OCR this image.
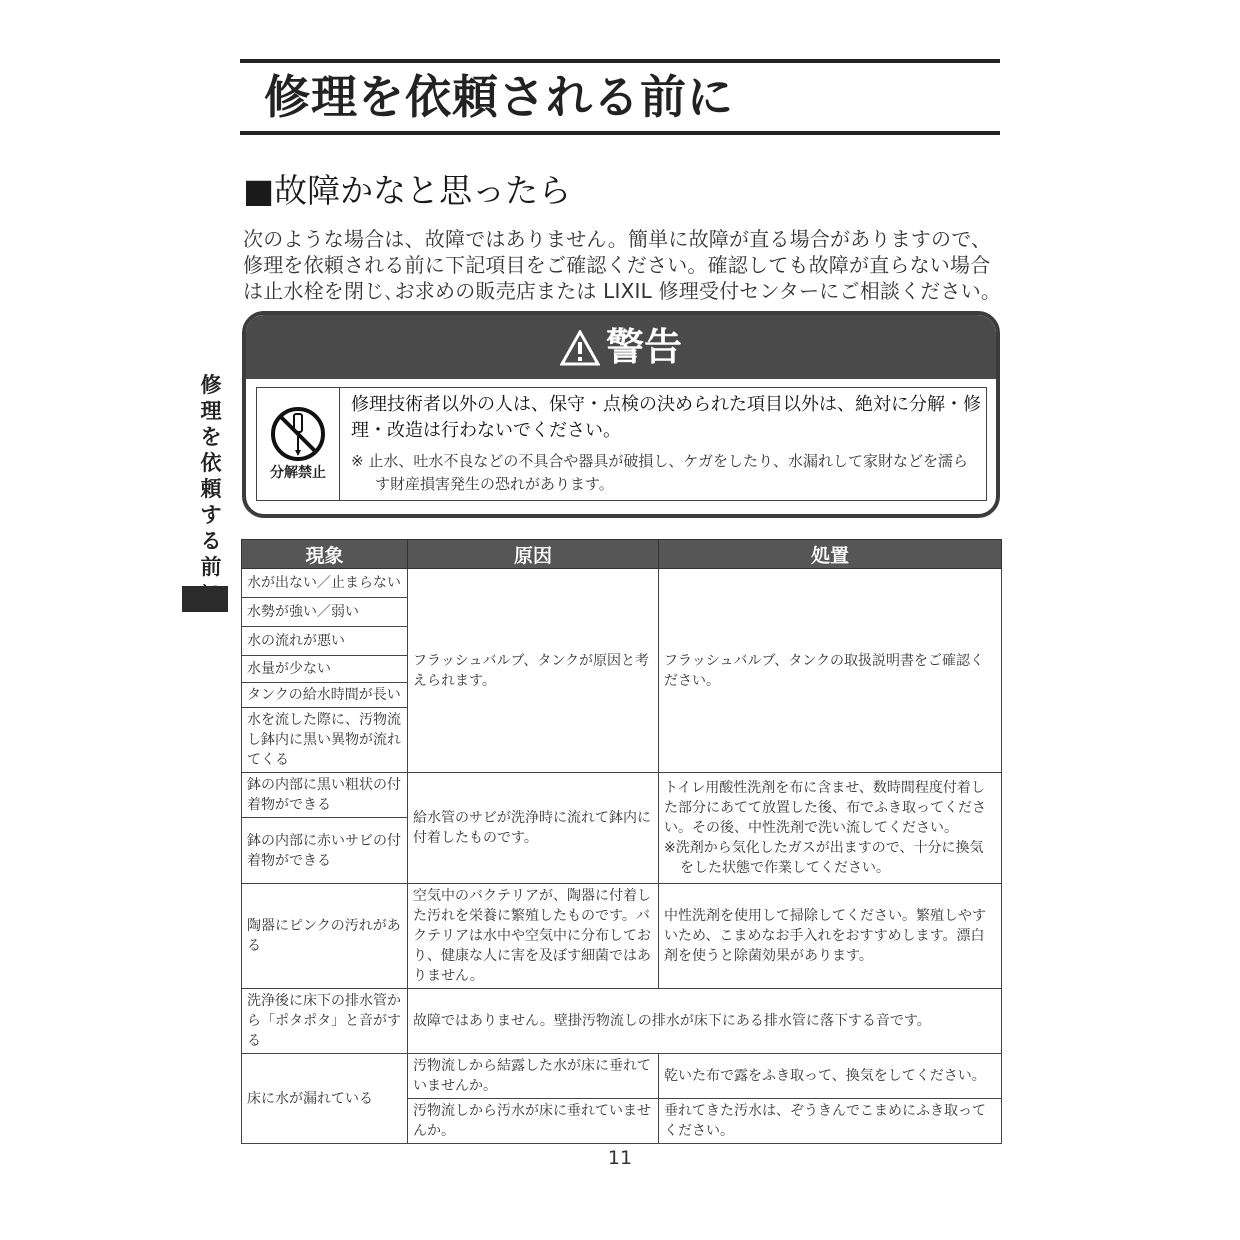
修理を依頼される前に
修理を依頼する前
■故障かなと思ったら
次のような場合は、故障ではありません。簡単に故障が直る場合がありますので、
修理を依頼される前に下記項目をご確認ください。確認しても故障が直らない場合
は止水栓を閉じ､お求めの販売店または LIXIL 修理受付センターにご相談ください。
警告
分解禁止
修理技術者以外の人は、保守・点検の決められた項目以外は、絶対に分解・修理・改造は行わないでください。
※ 止水、吐水不良などの不具合や器具が破損し、ケガをしたり、水漏れして家財などを濡らす財産損害発生の恐れがあります。
現象	原因	処置
水が出ない／止まらない	フラッシュバルブ、タンクが原因と考えられます。	フラッシュバルブ、タンクの取扱説明書をご確認ください。
水勢が強い／弱い		
水の流れが悪い		
水量が少ない		
タンクの給水時間が長い		
水を流した際に、汚物流し鉢内に黒い異物が流れてくる		
鉢の内部に黒い粗状の付着物ができる	給水管のサビが洗浄時に流れて鉢内に付着したものです。	トイレ用酸性洗剤を布に含ませ、数時間程度付着した部分にあてて放置した後、布でふき取ってください。その後、中性洗剤で洗い流してください。
※洗剤から気化したガスが出ますので、十分に換気をした状態で作業してください。

鉢の内部に赤いサビの付着物ができる		
陶器にピンクの汚れがある	空気中のバクテリアが、陶器に付着した汚れを栄養に繁殖したものです。バクテリアは水中や空気中に分布しており、健康な人に害を及ぼす細菌ではありません。	中性洗剤を使用して掃除してください。繁殖しやすいため、こまめなお手入れをおすすめします。漂白剤を使うと除菌効果があります。
洗浄後に床下の排水管から「ポタポタ」と音がする	故障ではありません。壁掛汚物流しの排水が床下にある排水管に落下する音です。	
床に水が漏れている	汚物流しから結露した水が床に垂れていませんか。	乾いた布で露をふき取って、換気をしてください。
	汚物流しから汚水が床に垂れていませんか。	垂れてきた汚水は、ぞうきんでこまめにふき取ってください。
11
